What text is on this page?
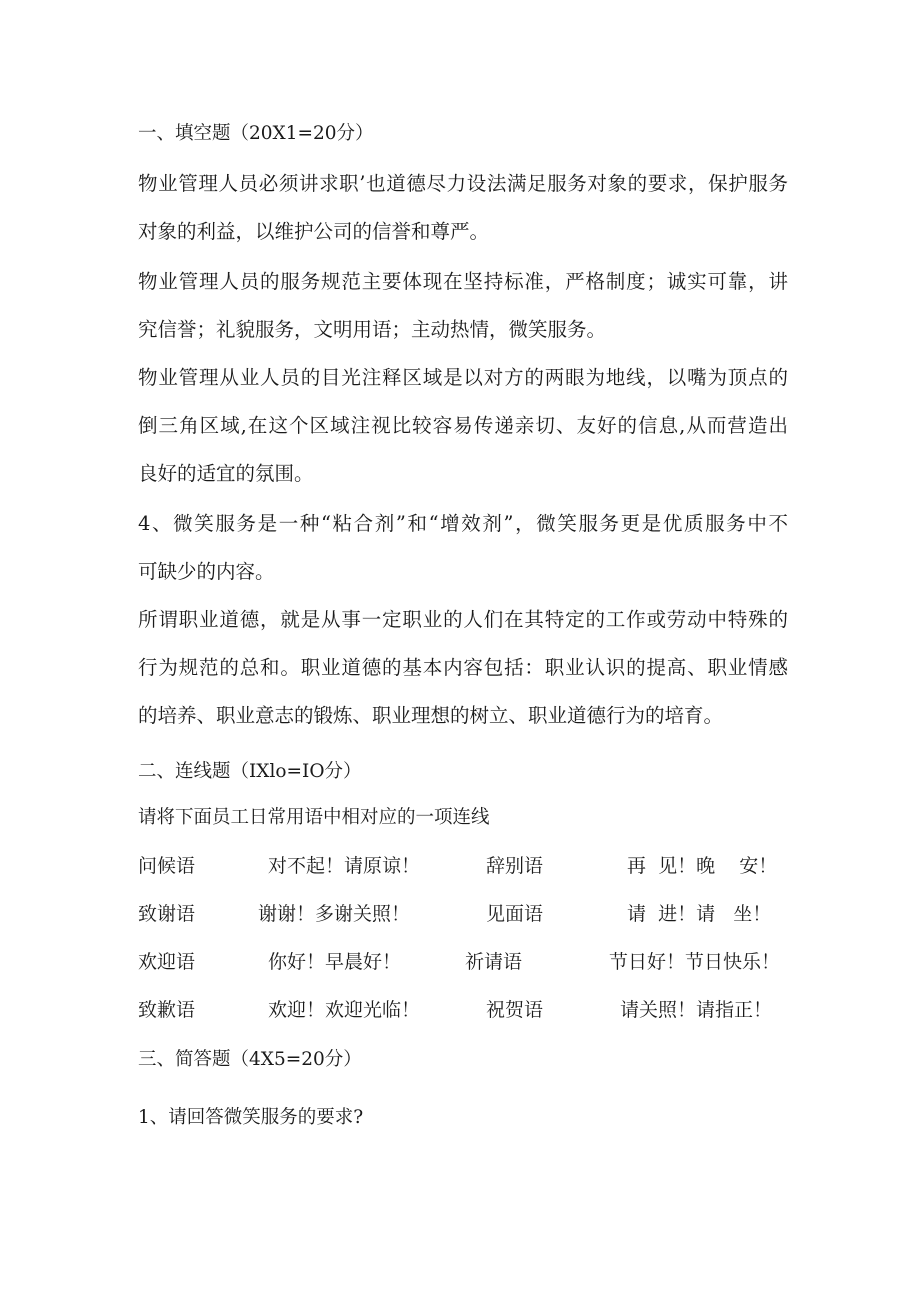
一、填空题（20X1=20分）
物业管理人员必须讲求职’也道德尽力设法满足服务对象的要求，保护服务
对象的利益，以维护公司的信誉和尊严。
物业管理人员的服务规范主要体现在坚持标准，严格制度；诚实可靠，讲
究信誉；礼貌服务，文明用语；主动热情，微笑服务。
物业管理从业人员的目光注释区域是以对方的两眼为地线，以嘴为顶点的
倒三角区域,在这个区域注视比较容易传递亲切、友好的信息,从而营造出
良好的适宜的氛围。
4、微笑服务是一种“粘合剂”和“增效剂”，微笑服务更是优质服务中不
可缺少的内容。
所谓职业道德，就是从事一定职业的人们在其特定的工作或劳动中特殊的
行为规范的总和。职业道德的基本内容包括：职业认识的提高、职业情感
的培养、职业意志的锻炼、职业理想的树立、职业道德行为的培育。
二、连线题（IXlo=IO分）
请将下面员工日常用语中相对应的一项连线
问候语	对不起！请原谅！	辞别语	再  见！晚    安！
致谢语	谢谢！多谢关照！	见面语	请  进！请   坐！
欢迎语	你好！早晨好！	祈请语	节日好！节日快乐！
致歉语	欢迎！欢迎光临！	祝贺语	请关照！请指正！
三、简答题（4X5=20分）
1、请回答微笑服务的要求?
